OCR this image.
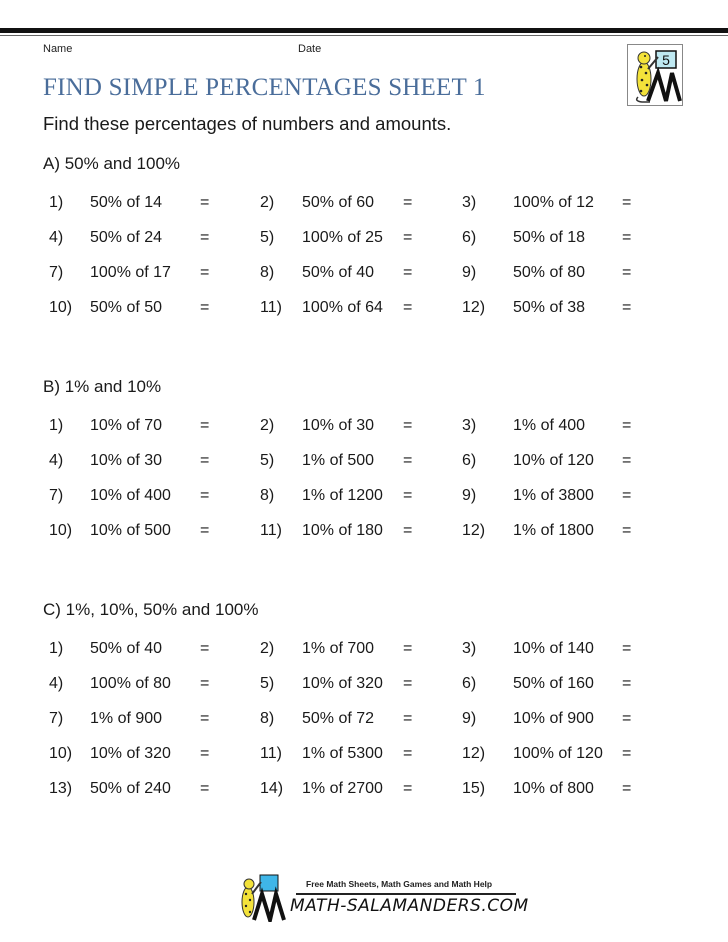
Name	Date
5
FIND SIMPLE PERCENTAGES SHEET 1
Find these percentages of numbers and amounts.
A) 50% and 100%
1) 50% of 14 =	2) 50% of 60 =	3) 100% of 12 =
4) 50% of 24 =	5) 100% of 25 =	6) 50% of 18 =
7) 100% of 17 =	8) 50% of 40 =	9) 50% of 80 =
10) 50% of 50 =	11) 100% of 64 =	12) 50% of 38 =
B) 1% and 10%
1) 10% of 70 =	2) 10% of 30 =	3) 1% of 400 =
4) 10% of 30 =	5) 1% of 500 =	6) 10% of 120 =
7) 10% of 400 =	8) 1% of 1200 =	9) 1% of 3800 =
10) 10% of 500 =	11) 10% of 180 =	12) 1% of 1800 =
C) 1%, 10%, 50% and 100%
1) 50% of 40 =	2) 1% of 700 =	3) 10% of 140 =
4) 100% of 80 =	5) 10% of 320 =	6) 50% of 160 =
7) 1% of 900 =	8) 50% of 72 =	9) 10% of 900 =
10) 10% of 320 =	11) 1% of 5300 =	12) 100% of 120 =
13) 50% of 240 =	14) 1% of 2700 =	15) 10% of 800 =
Free Math Sheets, Math Games and Math Help
MATH-SALAMANDERS.COM
